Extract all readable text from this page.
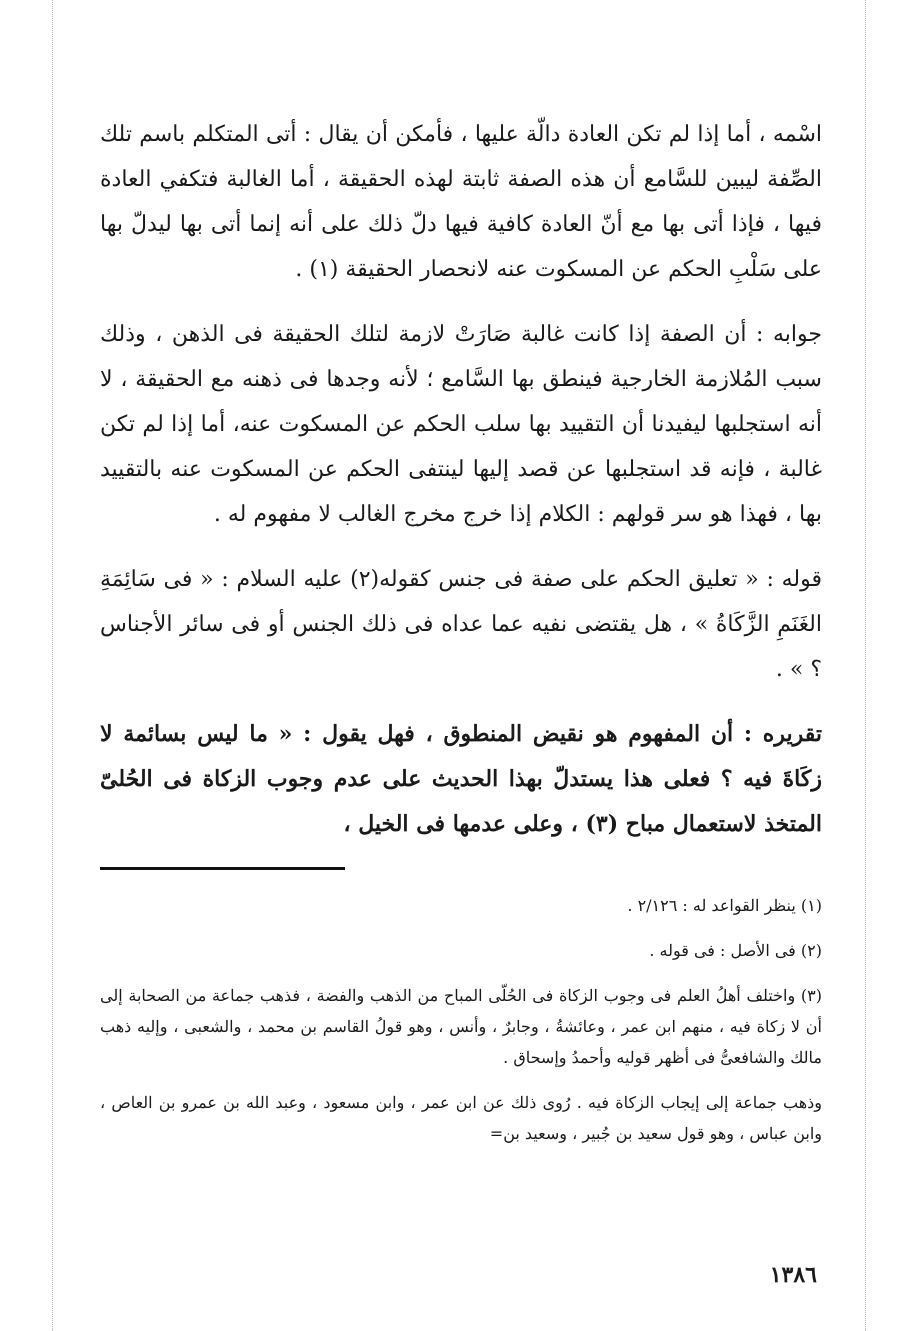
اسْمه ، أما إذا لم تكن العادة دالّة عليها ، فأمكن أن يقال : أتى المتكلم باسم تلك الصِّفة ليبين للسَّامع أن هذه الصفة ثابتة لهذه الحقيقة ، أما الغالبة فتكفي العادة فيها ، فإذا أتى بها مع أنّ العادة كافية فيها دلّ ذلك على أنه إنما أتى بها ليدلّ بها على سَلْبِ الحكم عن المسكوت عنه لانحصار الحقيقة (١) .

جوابه : أن الصفة إذا كانت غالبة صَارَتْ لازمة لتلك الحقيقة فى الذهن ، وذلك سبب المُلازمة الخارجية فينطق بها السَّامع ؛ لأنه وجدها فى ذهنه مع الحقيقة ، لا أنه استجلبها ليفيدنا أن التقييد بها سلب الحكم عن المسكوت عنه، أما إذا لم تكن غالبة ، فإنه قد استجلبها عن قصد إليها لينتفى الحكم عن المسكوت عنه بالتقييد بها ، فهذا هو سر قولهم : الكلام إذا خرج مخرج الغالب لا مفهوم له .

قوله : « تعليق الحكم على صفة فى جنس كقوله(٢) عليه السلام : « فى سَائِمَةِ الغَنَمِ الزَّكَاةُ » ، هل يقتضى نفيه عما عداه فى ذلك الجنس أو فى سائر الأجناس ؟ » .

تقريره : أن المفهوم هو نقيض المنطوق ، فهل يقول : « ما ليس بسائمة لا زكَاةَ فيه ؟ فعلى هذا يستدلّ بهذا الحديث على عدم وجوب الزكاة فى الحُلىّ المتخذ لاستعمال مباح (٣) ، وعلى عدمها فى الخيل ،

(١) ينظر القواعد له : ٢/١٢٦ .

(٢) فى الأصل : فى قوله .

(٣) واختلف أهلُ العلم فى وجوب الزكاة فى الحُلّى المباح من الذهب والفضة ، فذهب جماعة من الصحابة إلى أن لا زكاة فيه ، منهم ابن عمر ، وعائشةُ ، وجابرٌ ، وأنس ، وهو قولُ القاسم بن محمد ، والشعبى ، وإليه ذهب مالك والشافعىُّ فى أظهر قوليه وأحمدُ وإسحاق .

وذهب جماعة إلى إيجاب الزكاة فيه . رُوى ذلك عن ابن عمر ، وابن مسعود ، وعبد الله بن عمرو بن العاص ، وابن عباس ، وهو قول سعيد بن جُبير ، وسعيد بن=

١٣٨٦
